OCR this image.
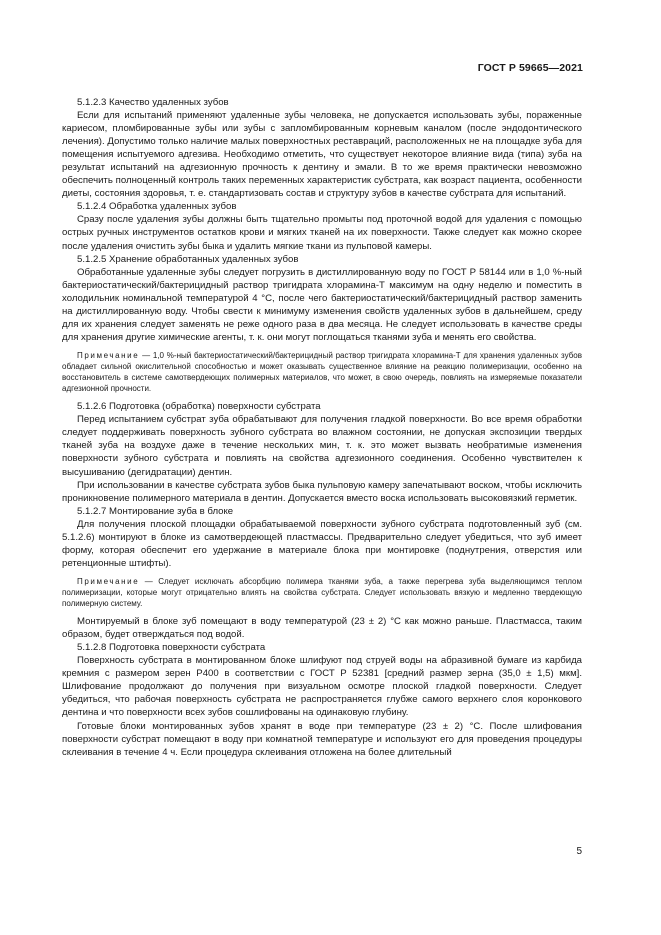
ГОСТ Р 59665—2021

5.1.2.3 Качество удаленных зубов

Если для испытаний применяют удаленные зубы человека, не допускается использовать зубы, пораженные кариесом, пломбированные зубы или зубы с запломбированным корневым каналом (после эндодонтического лечения). Допустимо только наличие малых поверхностных реставраций, расположенных не на площадке зуба для помещения испытуемого адгезива. Необходимо отметить, что существует некоторое влияние вида (типа) зуба на результат испытаний на адгезионную прочность к дентину и эмали. В то же время практически невозможно обеспечить полноценный контроль таких переменных характеристик субстрата, как возраст пациента, особенности диеты, состояния здоровья, т. е. стандартизовать состав и структуру зубов в качестве субстрата для испытаний.

5.1.2.4 Обработка удаленных зубов

Сразу после удаления зубы должны быть тщательно промыты под проточной водой для удаления с помощью острых ручных инструментов остатков крови и мягких тканей на их поверхности. Также следует как можно скорее после удаления очистить зубы быка и удалить мягкие ткани из пульповой камеры.

5.1.2.5 Хранение обработанных удаленных зубов

Обработанные удаленные зубы следует погрузить в дистиллированную воду по ГОСТ Р 58144 или в 1,0 %-ный бактериостатический/бактерицидный раствор тригидрата хлорамина-Т максимум на одну неделю и поместить в холодильник номинальной температурой 4 °С, после чего бактериостатический/бактерицидный раствор заменить на дистиллированную воду. Чтобы свести к минимуму изменения свойств удаленных зубов в дальнейшем, среду для их хранения следует заменять не реже одного раза в два месяца. Не следует использовать в качестве среды для хранения другие химические агенты, т. к. они могут поглощаться тканями зуба и менять его свойства.

Примечание — 1,0 %-ный бактериостатический/бактерицидный раствор тригидрата хлорамина-Т для хранения удаленных зубов обладает сильной окислительной способностью и может оказывать существенное влияние на реакцию полимеризации, особенно на восстановитель в системе самотвердеющих полимерных материалов, что может, в свою очередь, повлиять на измеряемые показатели адгезионной прочности.

5.1.2.6 Подготовка (обработка) поверхности субстрата

Перед испытанием субстрат зуба обрабатывают для получения гладкой поверхности. Во все время обработки следует поддерживать поверхность зубного субстрата во влажном состоянии, не допуская экспозиции твердых тканей зуба на воздухе даже в течение нескольких мин, т. к. это может вызвать необратимые изменения поверхности зубного субстрата и повлиять на свойства адгезионного соединения. Особенно чувствителен к высушиванию (дегидратации) дентин.

При использовании в качестве субстрата зубов быка пульповую камеру запечатывают воском, чтобы исключить проникновение полимерного материала в дентин. Допускается вместо воска использовать высоковязкий герметик.

5.1.2.7 Монтирование зуба в блоке

Для получения плоской площадки обрабатываемой поверхности зубного субстрата подготовленный зуб (см. 5.1.2.6) монтируют в блоке из самотвердеющей пластмассы. Предварительно следует убедиться, что зуб имеет форму, которая обеспечит его удержание в материале блока при монтировке (поднутрения, отверстия или ретенционные штифты).

Примечание — Следует исключать абсорбцию полимера тканями зуба, а также перегрева зуба выделяющимся теплом полимеризации, которые могут отрицательно влиять на свойства субстрата. Следует использовать вязкую и медленно твердеющую полимерную систему.

Монтируемый в блоке зуб помещают в воду температурой (23 ± 2) °С как можно раньше. Пластмасса, таким образом, будет отверждаться под водой.

5.1.2.8 Подготовка поверхности субстрата

Поверхность субстрата в монтированном блоке шлифуют под струей воды на абразивной бумаге из карбида кремния с размером зерен Р400 в соответствии с ГОСТ Р 52381 [средний размер зерна (35,0 ± 1,5) мкм]. Шлифование продолжают до получения при визуальном осмотре плоской гладкой поверхности. Следует убедиться, что рабочая поверхность субстрата не распространяется глубже самого верхнего слоя коронкового дентина и что поверхности всех зубов сошлифованы на одинаковую глубину.

Готовые блоки монтированных зубов хранят в воде при температуре (23 ± 2) °С. После шлифования поверхности субстрат помещают в воду при комнатной температуре и используют его для проведения процедуры склеивания в течение 4 ч. Если процедура склеивания отложена на более длительный

5
